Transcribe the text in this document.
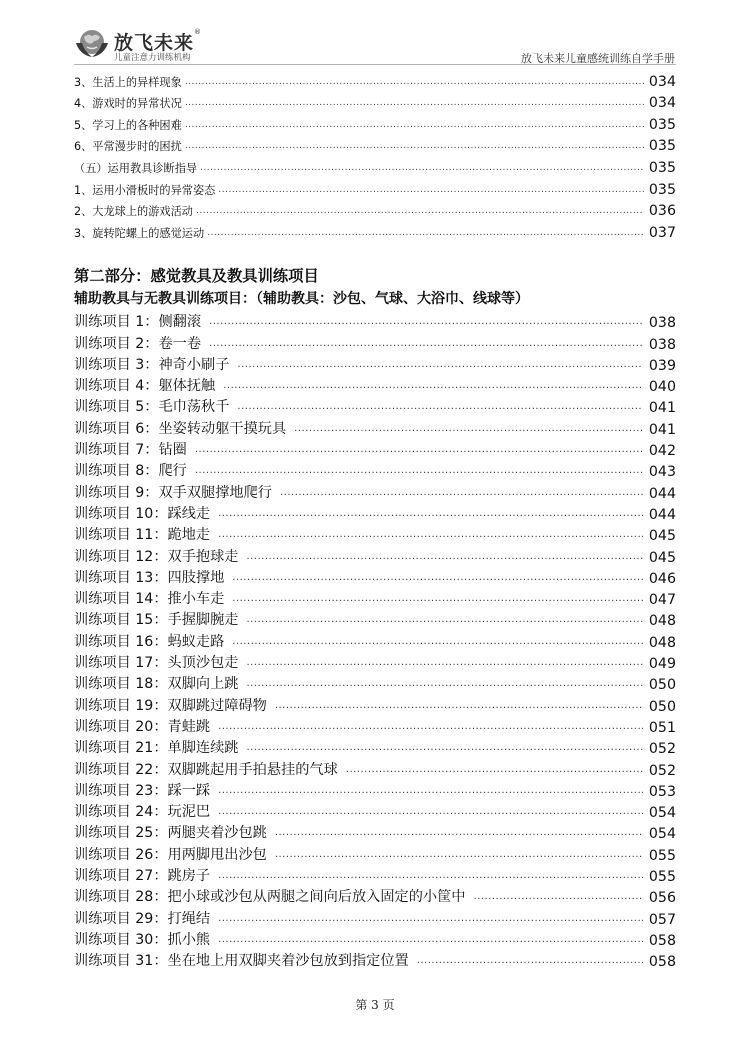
放飞未来®
儿童注意力训练机构	放飞未来儿童感统训练自学手册
3、生活上的异样现象 .....	034
4、游戏时的异常状况 .....	034
5、学习上的各种困难 .....	035
6、平常漫步时的困扰 .....	035
（五）运用教具诊断指导 .....	035
1、运用小滑板时的异常姿态 .....	035
2、大龙球上的游戏活动 .....	036
3、旋转陀螺上的感觉运动 .....	037
第二部分：感觉教具及教具训练项目
辅助教具与无教具训练项目：（辅助教具：沙包、气球、大浴巾、线球等）
训练项目 1：侧翻滚 .....	038
训练项目 2：卷一卷 .....	038
训练项目 3：神奇小刷子 .....	039
训练项目 4：躯体抚触 .....	040
训练项目 5：毛巾荡秋千 .....	041
训练项目 6：坐姿转动躯干摸玩具 .....	041
训练项目 7：钻圈 .....	042
训练项目 8：爬行 .....	043
训练项目 9：双手双腿撑地爬行 .....	044
训练项目 10：踩线走 .....	044
训练项目 11：跪地走 .....	045
训练项目 12：双手抱球走 .....	045
训练项目 13：四肢撑地 .....	046
训练项目 14：推小车走 .....	047
训练项目 15：手握脚腕走 .....	048
训练项目 16：蚂蚁走路 .....	048
训练项目 17：头顶沙包走 .....	049
训练项目 18：双脚向上跳 .....	050
训练项目 19：双脚跳过障碍物 .....	050
训练项目 20：青蛙跳 .....	051
训练项目 21：单脚连续跳 .....	052
训练项目 22：双脚跳起用手拍悬挂的气球 .....	052
训练项目 23：踩一踩 .....	053
训练项目 24：玩泥巴 .....	054
训练项目 25：两腿夹着沙包跳 .....	054
训练项目 26：用两脚甩出沙包 .....	055
训练项目 27：跳房子 .....	055
训练项目 28：把小球或沙包从两腿之间向后放入固定的小筐中 .....	056
训练项目 29：打绳结 .....	057
训练项目 30：抓小熊 .....	058
训练项目 31：坐在地上用双脚夹着沙包放到指定位置 .....	058
第 3 页
